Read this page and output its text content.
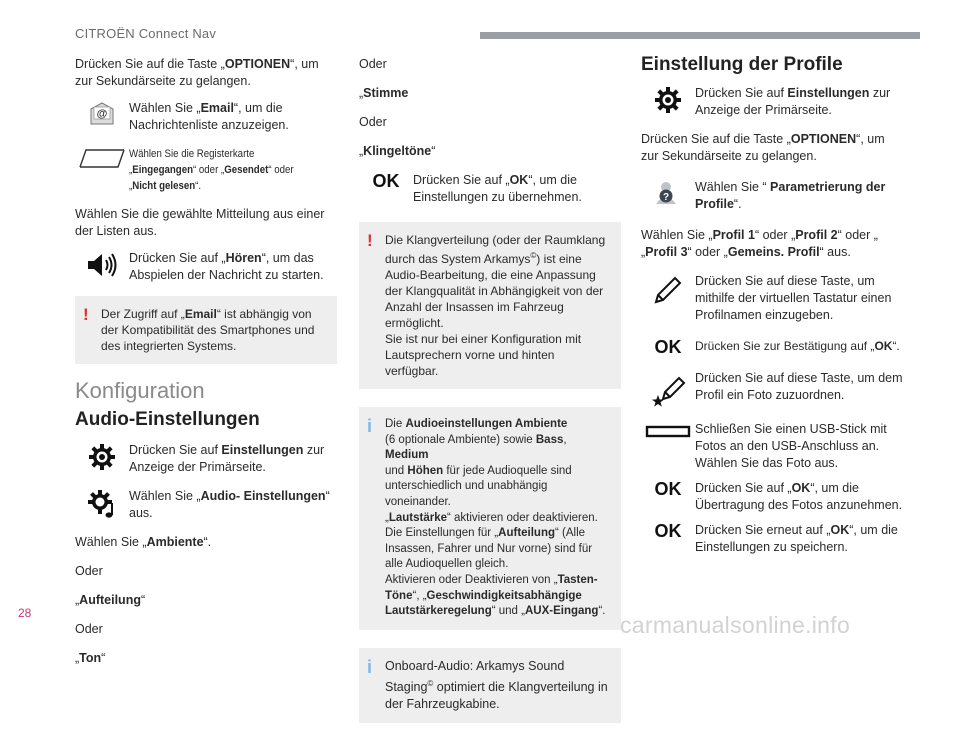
CITROËN Connect Nav

Drücken Sie auf die Taste „OPTIONEN“, um zur Sekundärseite zu gelangen.

@ Wählen Sie „Email“, um die Nachrichtenliste anzuzeigen.
Wählen Sie die Registerkarte „Eingegangen“ oder „Gesendet“ oder „Nicht gelesen“.

Wählen Sie die gewählte Mitteilung aus einer der Listen aus.

Drücken Sie auf „Hören“, um das Abspielen der Nachricht zu starten.
! Der Zugriff auf „Email“ ist abhängig von der Kompatibilität des Smartphones und des integrierten Systems.
Konfiguration
Audio-Einstellungen
Drücken Sie auf Einstellungen zur Anzeige der Primärseite.
Wählen Sie „Audio- Einstellungen“ aus.

Wählen Sie „Ambiente“.

Oder

„Aufteilung“

Oder

„Ton“

Oder

„Stimme

Oder

„Klingeltöne“

OK Drücken Sie auf „OK“, um die Einstellungen zu übernehmen.
! Die Klangverteilung (oder der Raumklang durch das System Arkamys©) ist eine Audio-Bearbeitung, die eine Anpassung der Klangqualität in Abhängigkeit von der Anzahl der Insassen im Fahrzeug ermöglicht.
Sie ist nur bei einer Konfiguration mit Lautsprechern vorne und hinten verfügbar.
i Die Audioeinstellungen Ambiente
(6 optionale Ambiente) sowie Bass, Medium
und Höhen für jede Audioquelle sind unterschiedlich und unabhängig voneinander.
„Lautstärke“ aktivieren oder deaktivieren.
Die Einstellungen für „Aufteilung“ (Alle Insassen, Fahrer und Nur vorne) sind für alle Audioquellen gleich.
Aktivieren oder Deaktivieren von „Tasten-Töne“, „Geschwindigkeitsabhängige Lautstärkeregelung“ und „AUX-Eingang“.
i Onboard-Audio: Arkamys Sound Staging© optimiert die Klangverteilung in der Fahrzeugkabine.
Einstellung der Profile
Drücken Sie auf Einstellungen zur Anzeige der Primärseite.

Drücken Sie auf die Taste „OPTIONEN“, um zur Sekundärseite zu gelangen.

?
Wählen Sie “ Parametrierung der Profile“.

Wählen Sie „Profil 1“ oder „Profil 2“ oder „
„Profil 3“ oder „Gemeins. Profil“ aus.

Drücken Sie auf diese Taste, um mithilfe der virtuellen Tastatur einen Profilnamen einzugeben.
OK Drücken Sie zur Bestätigung auf „OK“.
Drücken Sie auf diese Taste, um dem Profil ein Foto zuzuordnen.
Schließen Sie einen USB-Stick mit Fotos an den USB-Anschluss an. Wählen Sie das Foto aus.
OK Drücken Sie auf „OK“, um die Übertragung des Fotos anzunehmen.
OK Drücken Sie erneut auf „OK“, um die Einstellungen zu speichern.
28	carmanualsonline.info
